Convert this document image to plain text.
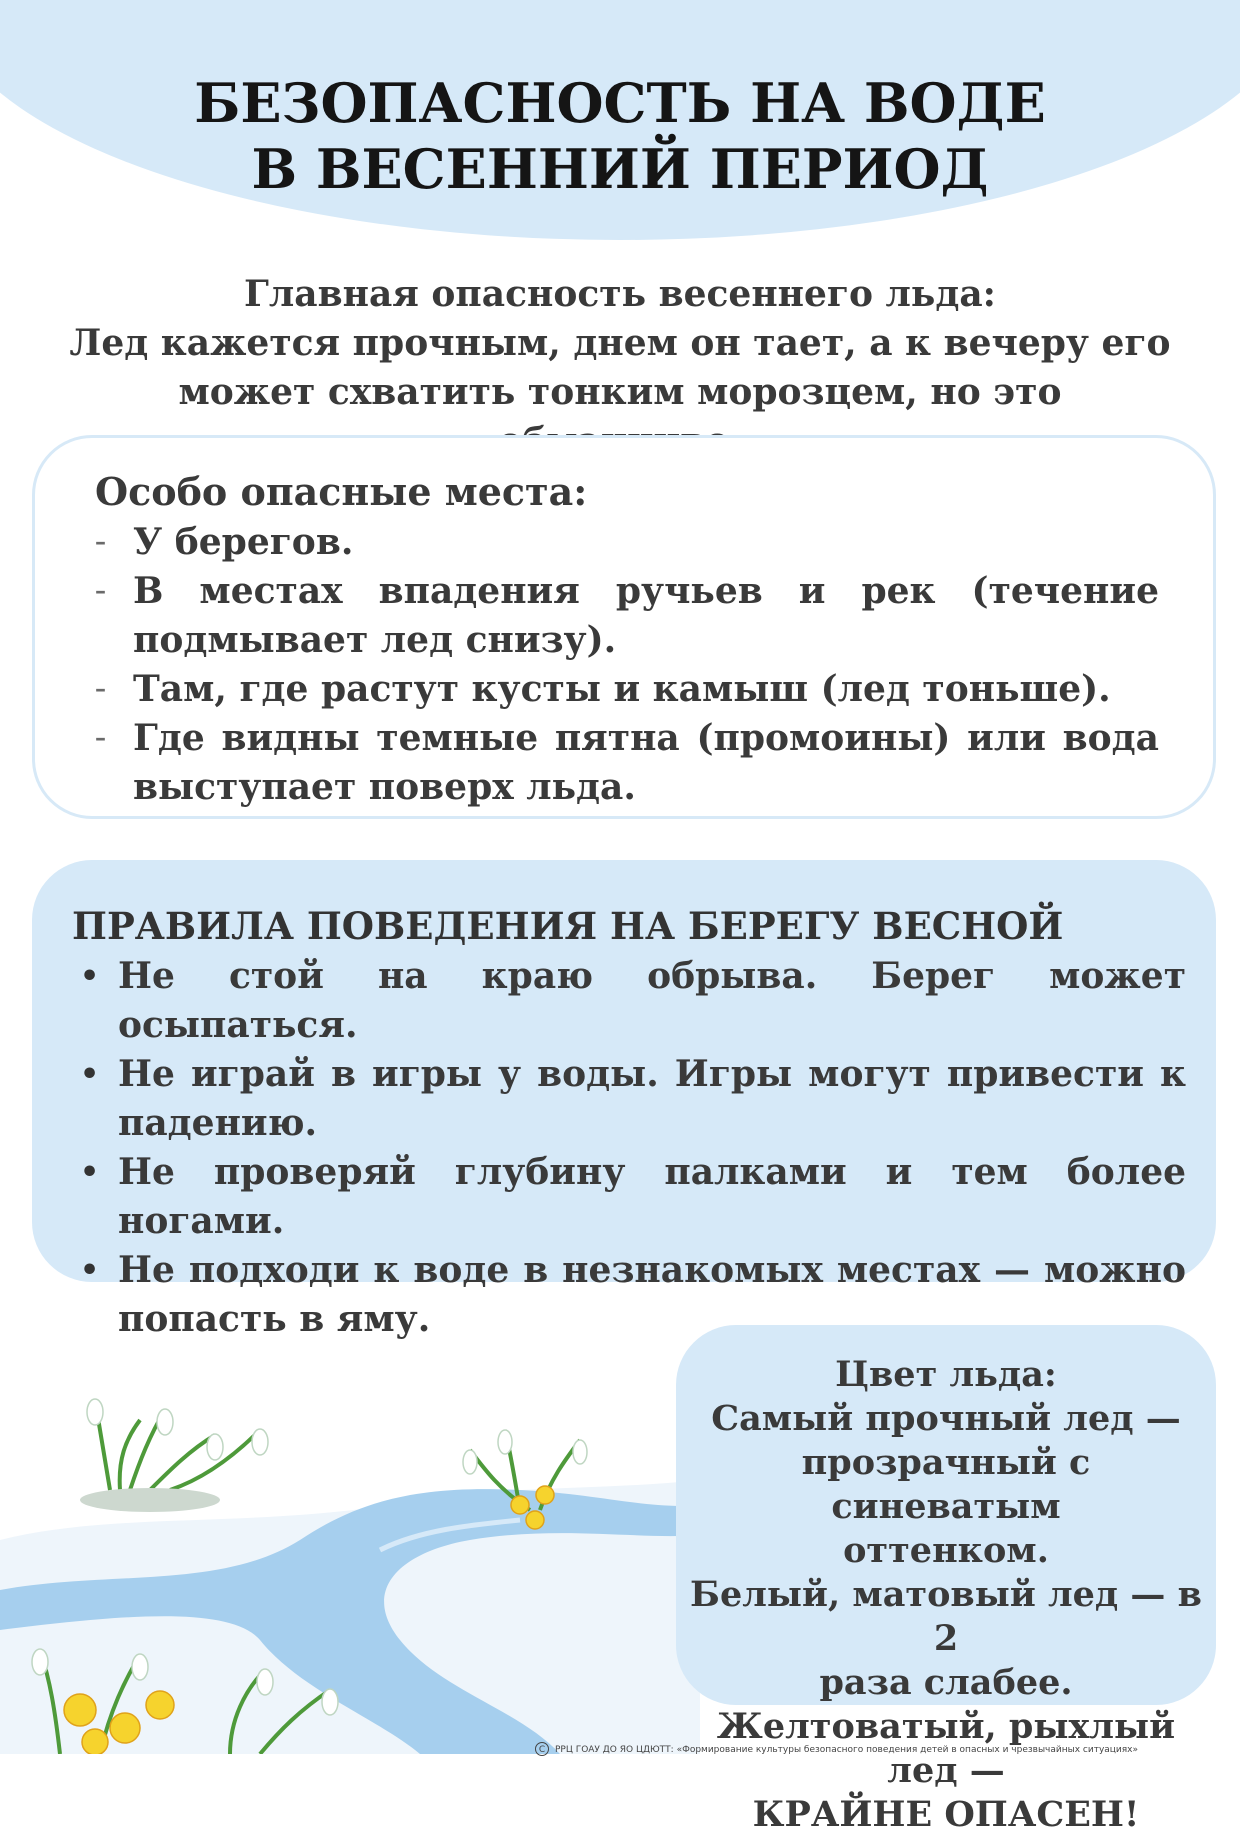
БЕЗОПАСНОСТЬ НА ВОДЕ
В ВЕСЕННИЙ ПЕРИОД
Главная опасность весеннего льда:
Лед кажется прочным, днем он тает, а к вечеру его может схватить тонким морозцем, но это
Особо опасные места:
– У берегов.
– В местах впадения ручьев и рек (течение подмывает лед снизу).
– Там, где растут кусты и камыш (лед тоньше).
– Где видны темные пятна (промоины) или вода выступает поверх льда.
ПРАВИЛА ПОВЕДЕНИЯ НА БЕРЕГУ ВЕСНОЙ
• Не стой на краю обрыва. Берег может осыпаться.
• Не играй в игры у воды. Игры могут привести к падению.
• Не проверяй глубину палками и тем более ногами.
• Не подходи к воде в незнакомых местах — можно попасть в яму.
Цвет льда:
Самый прочный лед —
прозрачный с синеватым
оттенком.
Белый, матовый лед — в 2
раза слабее.
Желтоватый, рыхлый лед —
КРАЙНЕ ОПАСЕН!
C РРЦ ГОАУ ДО ЯО ЦДЮТТ: «Формирование культуры безопасного поведения детей в опасных и чрезвычайных ситуациях»
